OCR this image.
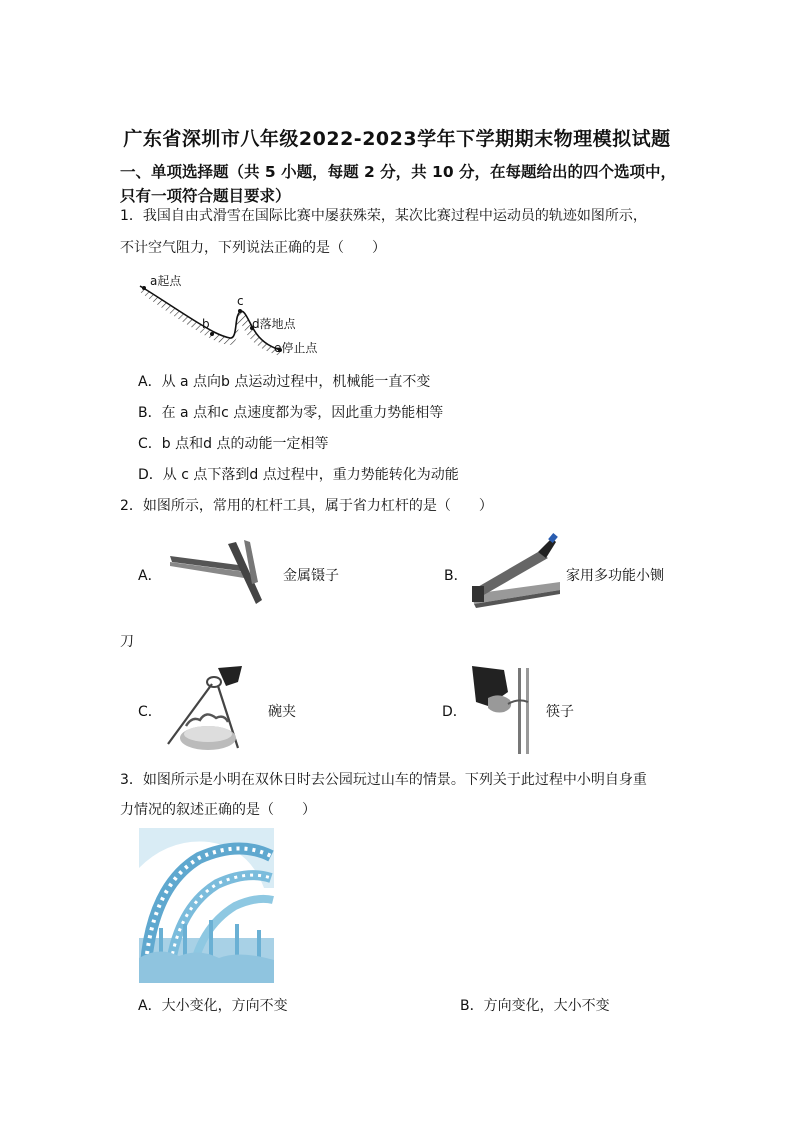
广东省深圳市八年级2022-2023学年下学期期末物理模拟试题
一、单项选择题（共 5 小题，每题 2 分，共 10 分，在每题给出的四个选项中，
只有一项符合题目要求）
1．我国自由式滑雪在国际比赛中屡获殊荣，某次比赛过程中运动员的轨迹如图所示，
不计空气阻力，下列说法正确的是（　　）
a起点
b
c
d落地点
e停止点
A．从 a 点向b 点运动过程中，机械能一直不变
B．在 a 点和c 点速度都为零，因此重力势能相等
C．b 点和d 点的动能一定相等
D．从 c 点下落到d 点过程中，重力势能转化为动能
2．如图所示，常用的杠杆工具，属于省力杠杆的是（　　）
A．	金属镊子	B．	家用多功能小铡
刀
C．	碗夹	D．	筷子
3．如图所示是小明在双休日时去公园玩过山车的情景。下列关于此过程中小明自身重
力情况的叙述正确的是（　　）
A．大小变化，方向不变	B．方向变化，大小不变
